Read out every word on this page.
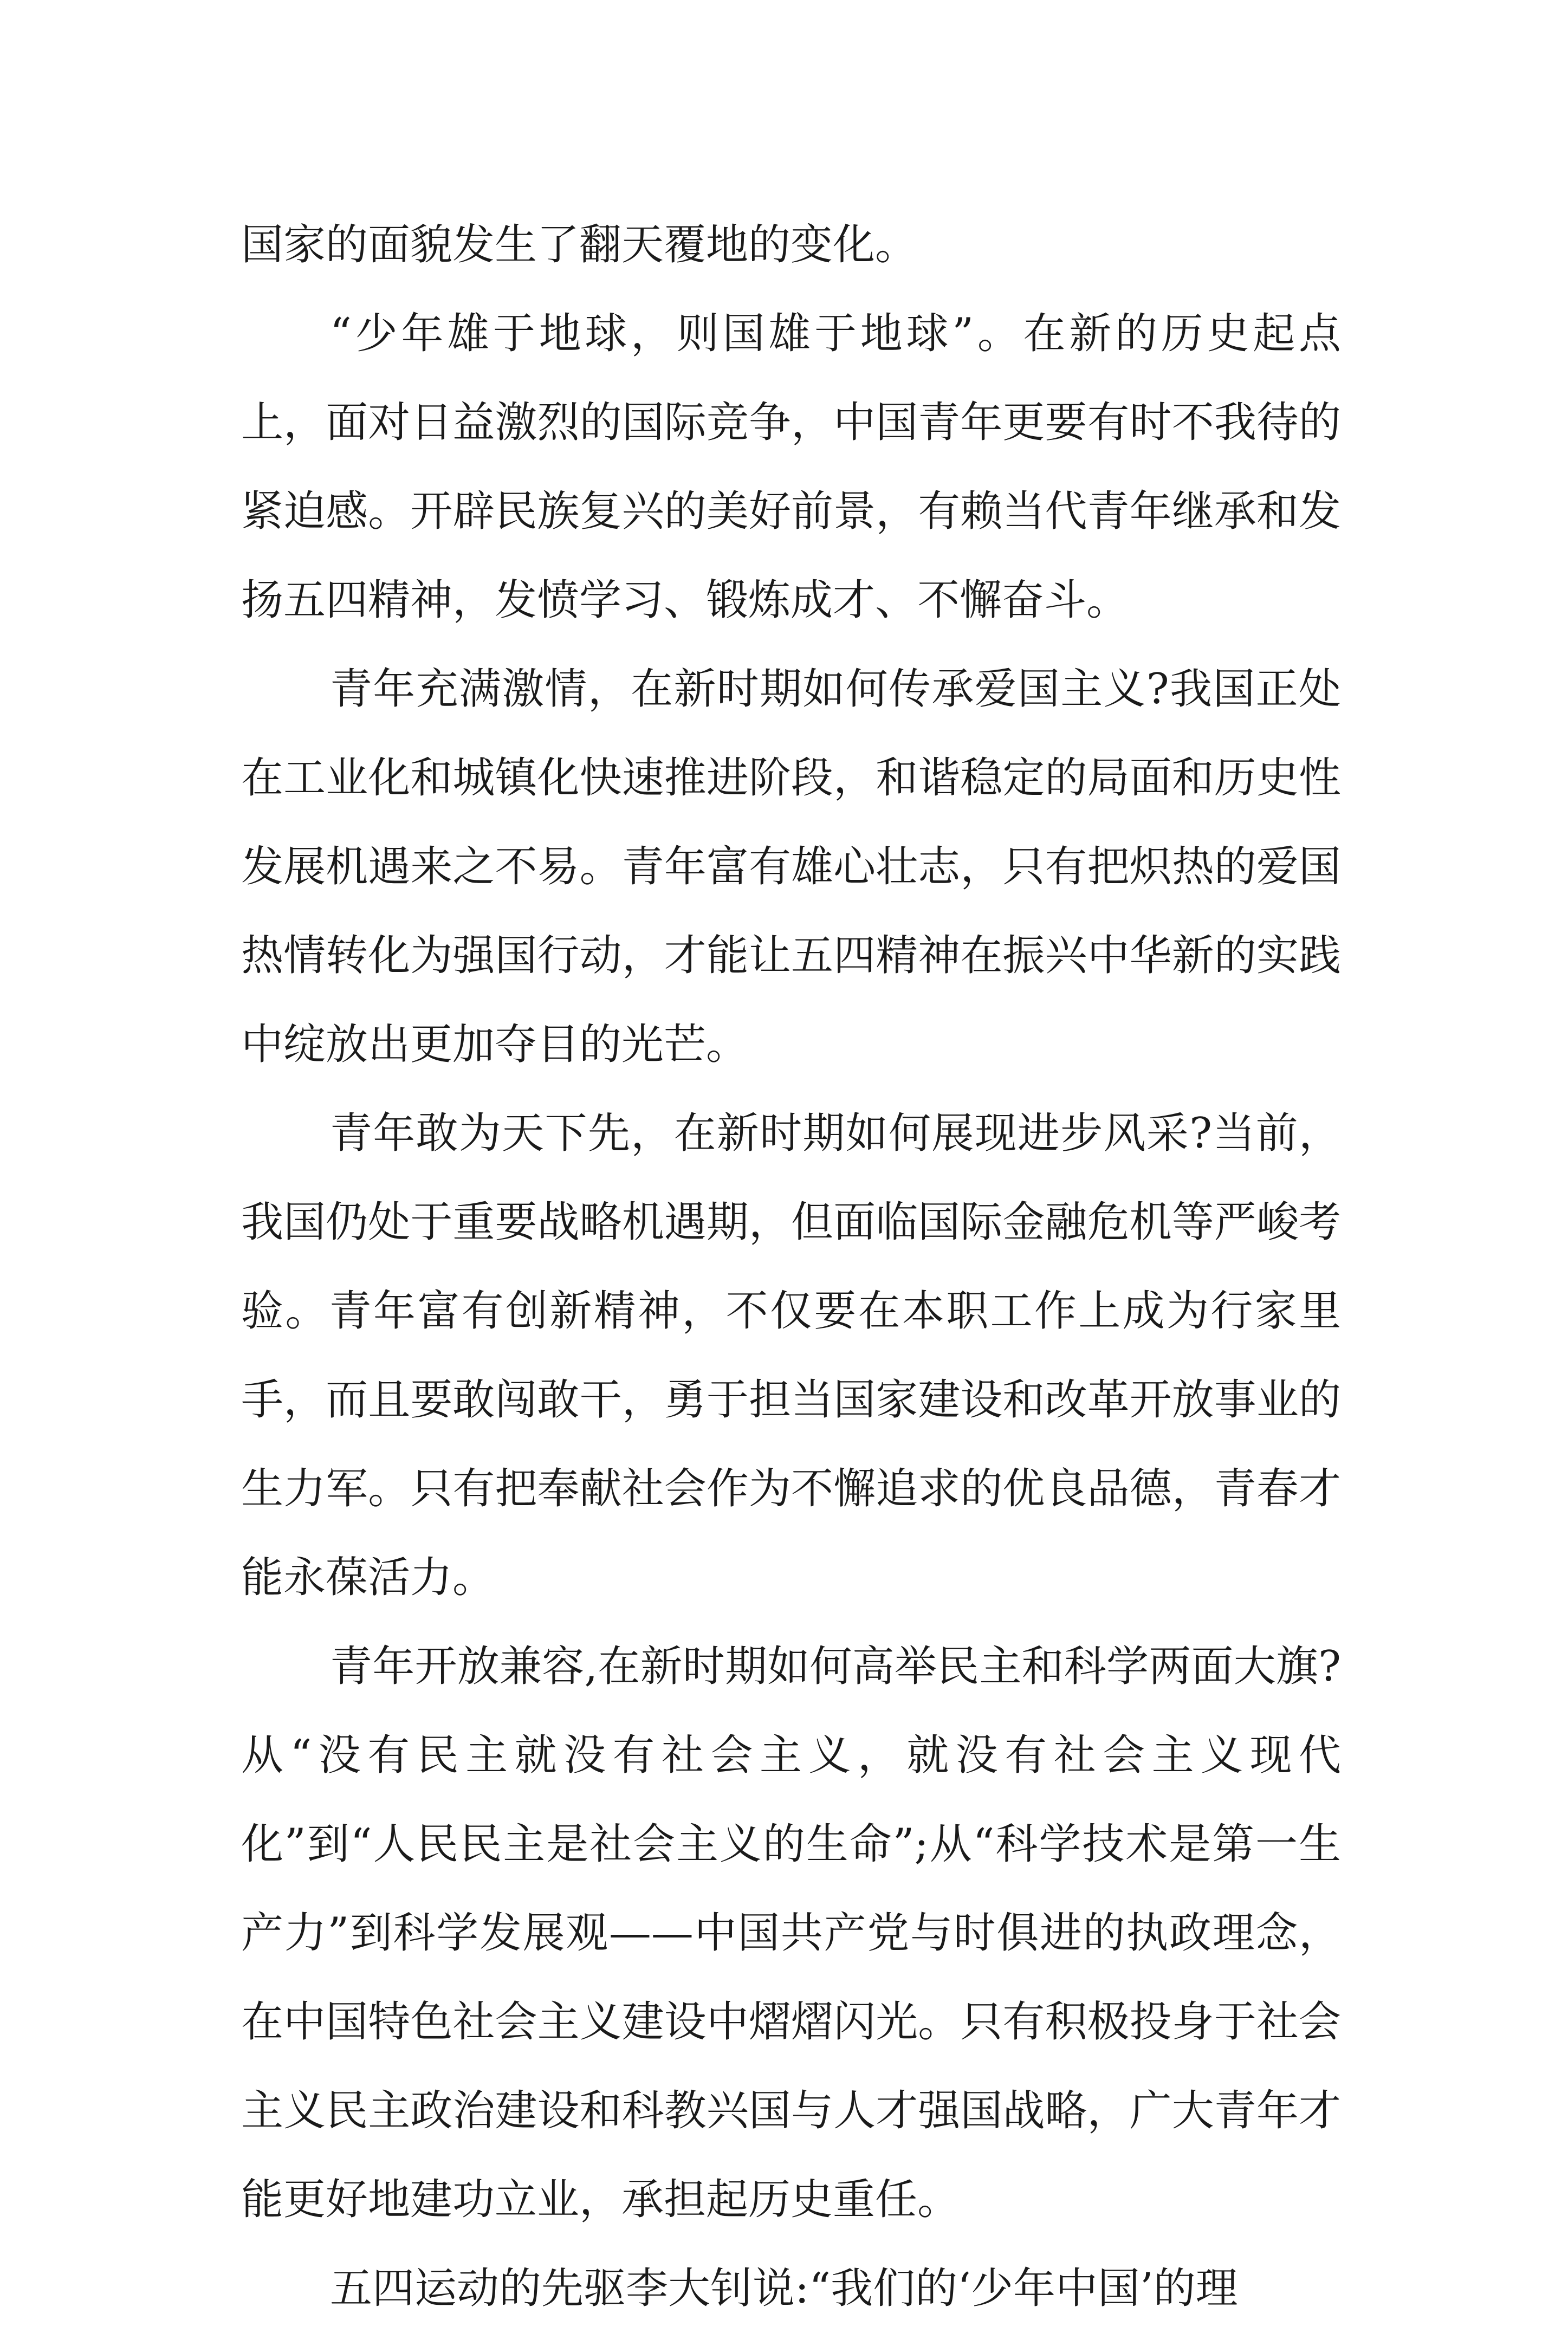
国家的面貌发生了翻天覆地的变化。

“少年雄于地球，则国雄于地球”。在新的历史起点上，面对日益激烈的国际竞争，中国青年更要有时不我待的紧迫感。开辟民族复兴的美好前景，有赖当代青年继承和发扬五四精神，发愤学习、锻炼成才、不懈奋斗。

青年充满激情，在新时期如何传承爱国主义?我国正处在工业化和城镇化快速推进阶段，和谐稳定的局面和历史性发展机遇来之不易。青年富有雄心壮志，只有把炽热的爱国热情转化为强国行动，才能让五四精神在振兴中华新的实践中绽放出更加夺目的光芒。

青年敢为天下先，在新时期如何展现进步风采?当前，我国仍处于重要战略机遇期，但面临国际金融危机等严峻考验。青年富有创新精神，不仅要在本职工作上成为行家里手，而且要敢闯敢干，勇于担当国家建设和改革开放事业的生力军。只有把奉献社会作为不懈追求的优良品德，青春才能永葆活力。

青年开放兼容,在新时期如何高举民主和科学两面大旗?从“没有民主就没有社会主义，就没有社会主义现代化”到“人民民主是社会主义的生命”;从“科学技术是第一生产力”到科学发展观——中国共产党与时俱进的执政理念，在中国特色社会主义建设中熠熠闪光。只有积极投身于社会主义民主政治建设和科教兴国与人才强国战略，广大青年才能更好地建功立业，承担起历史重任。

五四运动的先驱李大钊说:“我们的‘少年中国’的理
